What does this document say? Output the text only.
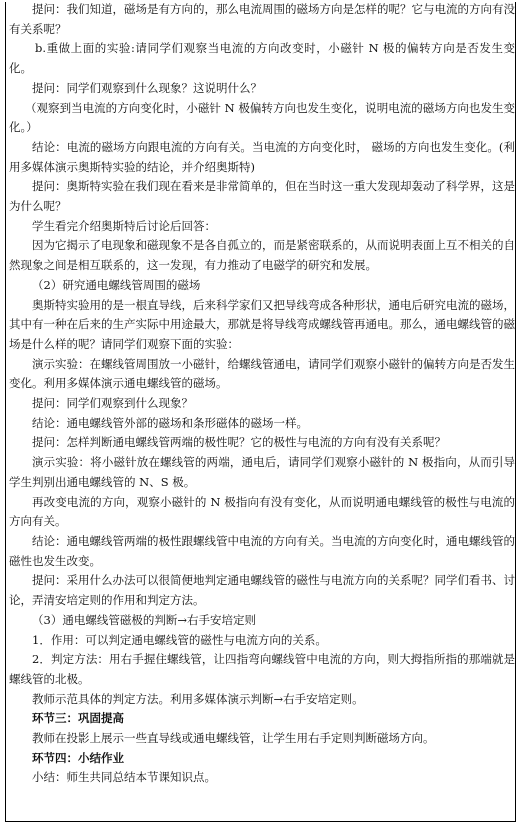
提问：我们知道，磁场是有方向的，那么电流周围的磁场方向是怎样的呢？它与电流的方向有没有关系呢？

b.重做上面的实验:请同学们观察当电流的方向改变时，小磁针 N 极的偏转方向是否发生变化。

提问：同学们观察到什么现象？这说明什么？

（观察到当电流的方向变化时，小磁针 N 极偏转方向也发生变化，说明电流的磁场方向也发生变化。）

结论：电流的磁场方向跟电流的方向有关。当电流的方向变化时， 磁场的方向也发生变化。(利用多媒体演示奥斯特实验的结论，并介绍奥斯特)

提问：奥斯特实验在我们现在看来是非常简单的，但在当时这一重大发现却轰动了科学界，这是为什么呢？

学生看完介绍奥斯特后讨论后回答：

因为它揭示了电现象和磁现象不是各自孤立的，而是紧密联系的，从而说明表面上互不相关的自然现象之间是相互联系的，这一发现，有力推动了电磁学的研究和发展。

（2）研究通电螺线管周围的磁场

奥斯特实验用的是一根直导线，后来科学家们又把导线弯成各种形状，通电后研究电流的磁场，其中有一种在后来的生产实际中用途最大，那就是将导线弯成螺线管再通电。那么，通电螺线管的磁场是什么样的呢？请同学们观察下面的实验：

演示实验：在螺线管周围放一小磁针，给螺线管通电，请同学们观察小磁针的偏转方向是否发生变化。利用多媒体演示通电螺线管的磁场。

提问：同学们观察到什么现象？

结论：通电螺线管外部的磁场和条形磁体的磁场一样。

提问：怎样判断通电螺线管两端的极性呢？它的极性与电流的方向有没有关系呢？

演示实验：将小磁针放在螺线管的两端，通电后，请同学们观察小磁针的 N 极指向，从而引导学生判别出通电螺线管的 N、S 极。

再改变电流的方向，观察小磁针的 N 极指向有没有变化，从而说明通电螺线管的极性与电流的方向有关。

结论：通电螺线管两端的极性跟螺线管中电流的方向有关。当电流的方向变化时，通电螺线管的磁性也发生改变。

提问：采用什么办法可以很简便地判定通电螺线管的磁性与电流方向的关系呢？同学们看书、讨论，弄清安培定则的作用和判定方法。

（3）通电螺线管磁极的判断→右手安培定则

1．作用：可以判定通电螺线管的磁性与电流方向的关系。

2．判定方法：用右手握住螺线管，让四指弯向螺线管中电流的方向，则大拇指所指的那端就是螺线管的北极。

教师示范具体的判定方法。利用多媒体演示判断→右手安培定则。

环节三：巩固提高

教师在投影上展示一些直导线或通电螺线管，让学生用右手定则判断磁场方向。

环节四：小结作业

小结：师生共同总结本节课知识点。
